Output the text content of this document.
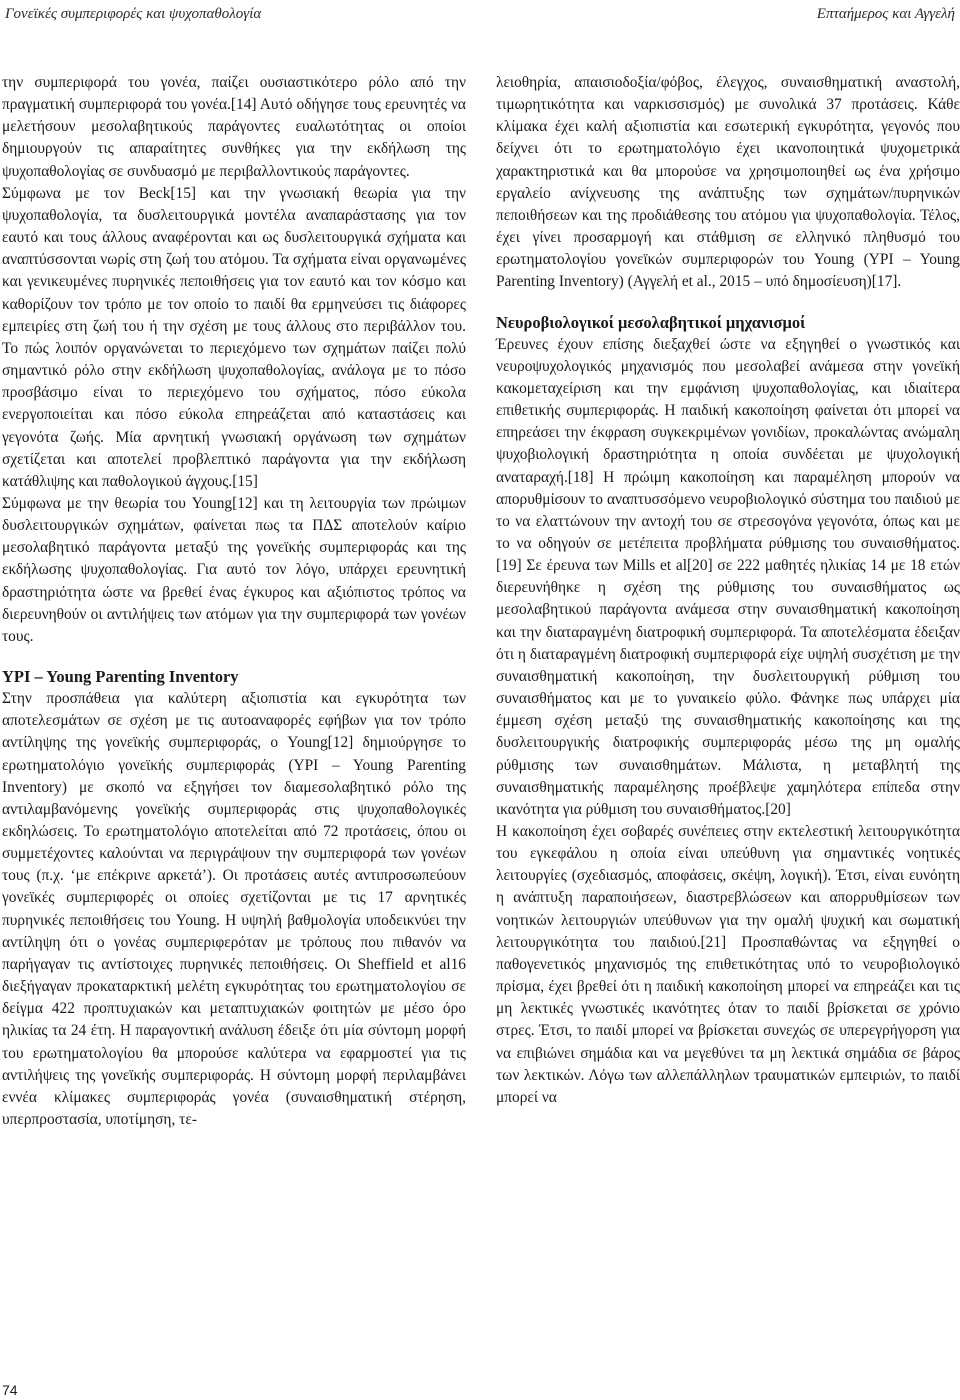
Γονεϊκές συμπεριφορές και ψυχοπαθολογία	Επταήμερος και Αγγελή

την συμπεριφορά του γονέα, παίζει ουσιαστικότερο ρόλο από την πραγματική συμπεριφορά του γονέα.[14] Αυτό οδήγησε τους ερευνητές να μελετήσουν μεσολαβητικούς παράγοντες ευαλωτότητας οι οποίοι δημιουργούν τις απαραίτητες συνθήκες για την εκδήλωση της ψυχοπαθολογίας σε συνδυασμό με περιβαλλοντικούς παράγοντες.

Σύμφωνα με τον Beck[15] και την γνωσιακή θεωρία για την ψυχοπαθολογία, τα δυσλειτουργικά μοντέλα αναπαράστασης για τον εαυτό και τους άλλους αναφέρονται και ως δυσλειτουργικά σχήματα και αναπτύσσονται νωρίς στη ζωή του ατόμου. Τα σχήματα είναι οργανωμένες και γενικευμένες πυρηνικές πεποιθήσεις για τον εαυτό και τον κόσμο και καθορίζουν τον τρόπο με τον οποίο το παιδί θα ερμηνεύσει τις διάφορες εμπειρίες στη ζωή του ή την σχέση με τους άλλους στο περιβάλλον του. Το πώς λοιπόν οργανώνεται το περιεχόμενο των σχημάτων παίζει πολύ σημαντικό ρόλο στην εκδήλωση ψυχοπαθολογίας, ανάλογα με το πόσο προσβάσιμο είναι το περιεχόμενο του σχήματος, πόσο εύκολα ενεργοποιείται και πόσο εύκολα επηρεάζεται από καταστάσεις και γεγονότα ζωής. Μία αρνητική γνωσιακή οργάνωση των σχημάτων σχετίζεται και αποτελεί προβλεπτικό παράγοντα για την εκδήλωση κατάθλιψης και παθολογικού άγχους.[15]

Σύμφωνα με την θεωρία του Young[12] και τη λειτουργία των πρώιμων δυσλειτουργικών σχημάτων, φαίνεται πως τα ΠΔΣ αποτελούν καίριο μεσολαβητικό παράγοντα μεταξύ της γονεϊκής συμπεριφοράς και της εκδήλωσης ψυχοπαθολογίας. Για αυτό τον λόγο, υπάρχει ερευνητική δραστηριότητα ώστε να βρεθεί ένας έγκυρος και αξιόπιστος τρόπος να διερευνηθούν οι αντιλήψεις των ατόμων για την συμπεριφορά των γονέων τους.

YPI – Young Parenting Inventory

Στην προσπάθεια για καλύτερη αξιοπιστία και εγκυρότητα των αποτελεσμάτων σε σχέση με τις αυτοαναφορές εφήβων για τον τρόπο αντίληψης της γονεϊκής συμπεριφοράς, ο Young[12] δημιούργησε το ερωτηματολόγιο γονεϊκής συμπεριφοράς (YPI – Young Parenting Inventory) με σκοπό να εξηγήσει τον διαμεσολαβητικό ρόλο της αντιλαμβανόμενης γονεϊκής συμπεριφοράς στις ψυχοπαθολογικές εκδηλώσεις. Το ερωτηματολόγιο αποτελείται από 72 προτάσεις, όπου οι συμμετέχοντες καλούνται να περιγράψουν την συμπεριφορά των γονέων τους (π.χ. ‘με επέκρινε αρκετά’). Οι προτάσεις αυτές αντιπροσωπεύουν γονεϊκές συμπεριφορές οι οποίες σχετίζονται με τις 17 αρνητικές πυρηνικές πεποιθήσεις του Young. Η υψηλή βαθμολογία υποδεικνύει την αντίληψη ότι ο γονέας συμπεριφερόταν με τρόπους που πιθανόν να παρήγαγαν τις αντίστοιχες πυρηνικές πεποιθήσεις. Οι Sheffield et al16 διεξήγαγαν προκαταρκτική μελέτη εγκυρότητας του ερωτηματολογίου σε δείγμα 422 προπτυχιακών και μεταπτυχιακών φοιτητών με μέσο όρο ηλικίας τα 24 έτη. Η παραγοντική ανάλυση έδειξε ότι μία σύντομη μορφή του ερωτηματολογίου θα μπορούσε καλύτερα να εφαρμοστεί για τις αντιλήψεις της γονεϊκής συμπεριφοράς. Η σύντομη μορφή περιλαμβάνει εννέα κλίμακες συμπεριφοράς γονέα (συναισθηματική στέρηση, υπερπροστασία, υποτίμηση, τε-

λειοθηρία, απαισιοδοξία/φόβος, έλεγχος, συναισθηματική αναστολή, τιμωρητικότητα και ναρκισσισμός) με συνολικά 37 προτάσεις. Κάθε κλίμακα έχει καλή αξιοπιστία και εσωτερική εγκυρότητα, γεγονός που δείχνει ότι το ερωτηματολόγιο έχει ικανοποιητικά ψυχομετρικά χαρακτηριστικά και θα μπορούσε να χρησιμοποιηθεί ως ένα χρήσιμο εργαλείο ανίχνευσης της ανάπτυξης των σχημάτων/πυρηνικών πεποιθήσεων και της προδιάθεσης του ατόμου για ψυχοπαθολογία. Τέλος, έχει γίνει προσαρμογή και στάθμιση σε ελληνικό πληθυσμό του ερωτηματολογίου γονεϊκών συμπεριφορών του Young (YPI – Young Parenting Inventory) (Αγγελή et al., 2015 – υπό δημοσίευση)[17].

Νευροβιολογικοί μεσολαβητικοί μηχανισμοί

Έρευνες έχουν επίσης διεξαχθεί ώστε να εξηγηθεί ο γνωστικός και νευροψυχολογικός μηχανισμός που μεσολαβεί ανάμεσα στην γονεϊκή κακομεταχείριση και την εμφάνιση ψυχοπαθολογίας, και ιδιαίτερα επιθετικής συμπεριφοράς. Η παιδική κακοποίηση φαίνεται ότι μπορεί να επηρεάσει την έκφραση συγκεκριμένων γονιδίων, προκαλώντας ανώμαλη ψυχοβιολογική δραστηριότητα η οποία συνδέεται με ψυχολογική αναταραχή.[18] Η πρώιμη κακοποίηση και παραμέληση μπορούν να απορυθμίσουν το αναπτυσσόμενο νευροβιολογικό σύστημα του παιδιού με το να ελαττώνουν την αντοχή του σε στρεσογόνα γεγονότα, όπως και με το να οδηγούν σε μετέπειτα προβλήματα ρύθμισης του συναισθήματος.[19] Σε έρευνα των Mills et al[20] σε 222 μαθητές ηλικίας 14 με 18 ετών διερευνήθηκε η σχέση της ρύθμισης του συναισθήματος ως μεσολαβητικού παράγοντα ανάμεσα στην συναισθηματική κακοποίηση και την διαταραγμένη διατροφική συμπεριφορά. Τα αποτελέσματα έδειξαν ότι η διαταραγμένη διατροφική συμπεριφορά είχε υψηλή συσχέτιση με την συναισθηματική κακοποίηση, την δυσλειτουργική ρύθμιση του συναισθήματος και με το γυναικείο φύλο. Φάνηκε πως υπάρχει μία έμμεση σχέση μεταξύ της συναισθηματικής κακοποίησης και της δυσλειτουργικής διατροφικής συμπεριφοράς μέσω της μη ομαλής ρύθμισης των συναισθημάτων. Μάλιστα, η μεταβλητή της συναισθηματικής παραμέλησης προέβλεψε χαμηλότερα επίπεδα στην ικανότητα για ρύθμιση του συναισθήματος.[20]

Η κακοποίηση έχει σοβαρές συνέπειες στην εκτελεστική λειτουργικότητα του εγκεφάλου η οποία είναι υπεύθυνη για σημαντικές νοητικές λειτουργίες (σχεδιασμός, αποφάσεις, σκέψη, λογική). Έτσι, είναι ευνόητη η ανάπτυξη παραποιήσεων, διαστρεβλώσεων και απορρυθμίσεων των νοητικών λειτουργιών υπεύθυνων για την ομαλή ψυχική και σωματική λειτουργικότητα του παιδιού.[21] Προσπαθώντας να εξηγηθεί ο παθογενετικός μηχανισμός της επιθετικότητας υπό το νευροβιολογικό πρίσμα, έχει βρεθεί ότι η παιδική κακοποίηση μπορεί να επηρεάζει και τις μη λεκτικές γνωστικές ικανότητες όταν το παιδί βρίσκεται σε χρόνιο στρες. Έτσι, το παιδί μπορεί να βρίσκεται συνεχώς σε υπερεγρήγορση για να επιβιώνει σημάδια και να μεγεθύνει τα μη λεκτικά σημάδια σε βάρος των λεκτικών. Λόγω των αλλεπάλληλων τραυματικών εμπειριών, το παιδί μπορεί να

74
